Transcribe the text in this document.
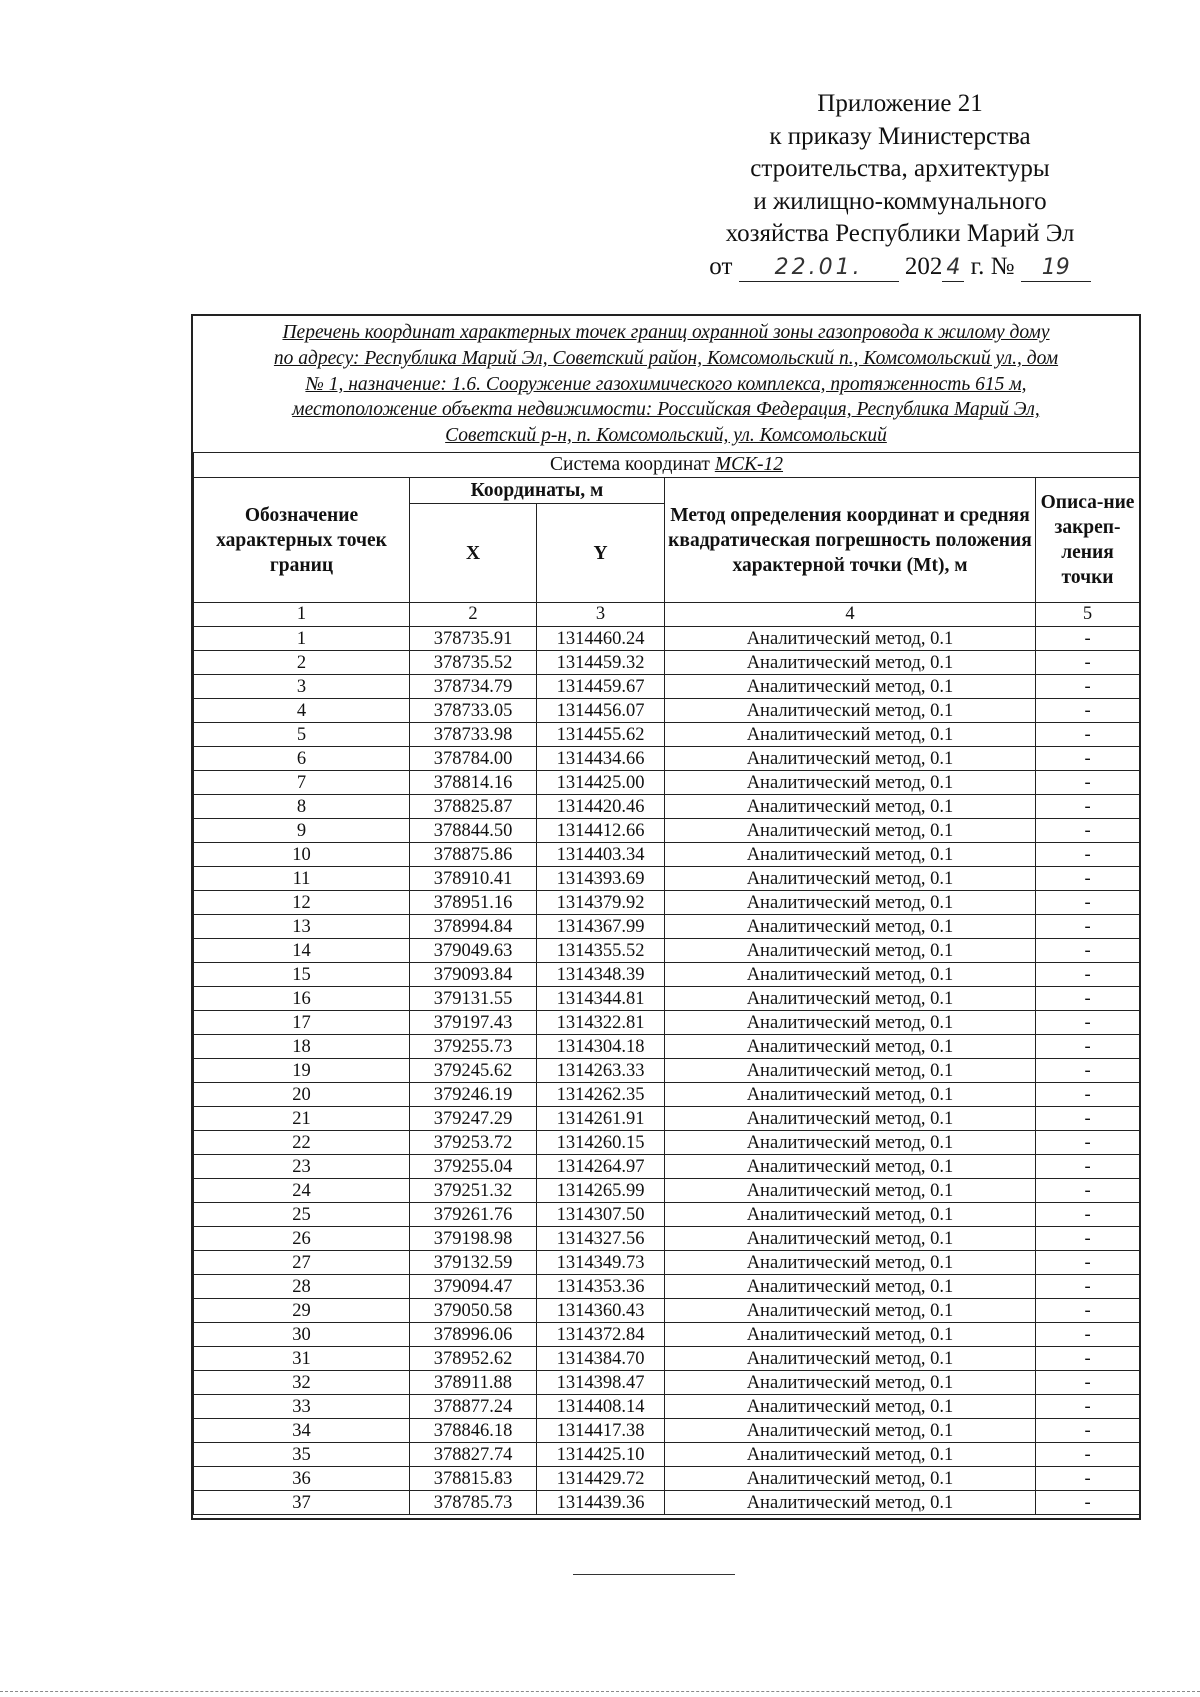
Приложение 21
к приказу Министерства
строительства, архитектуры
и жилищно-коммунального
хозяйства Республики Марий Эл
от 22.01. 202 4 г. № 19
Перечень координат характерных точек границ охранной зоны газопровода к жилому дому
по адресу: Республика Марий Эл, Советский район, Комсомольский п., Комсомольский ул., дом
№ 1, назначение: 1.6. Сооружение газохимического комплекса, протяженность 615 м,
местоположение объекта недвижимости: Российская Федерация, Республика Марий Эл,
Советский р-н, п. Комсомольский, ул. Комсомольский
Система координат МСК-12				
Обозначение характерных точек границ	Координаты, м		Метод определения координат и средняя квадратическая погрешность положения характерной точки (Mt), м	Описа-ние закреп-ления точки
	X	Y		
1	2	3	4	5
1	378735.91	1314460.24	Аналитический метод, 0.1	-
2	378735.52	1314459.32	Аналитический метод, 0.1	-
3	378734.79	1314459.67	Аналитический метод, 0.1	-
4	378733.05	1314456.07	Аналитический метод, 0.1	-
5	378733.98	1314455.62	Аналитический метод, 0.1	-
6	378784.00	1314434.66	Аналитический метод, 0.1	-
7	378814.16	1314425.00	Аналитический метод, 0.1	-
8	378825.87	1314420.46	Аналитический метод, 0.1	-
9	378844.50	1314412.66	Аналитический метод, 0.1	-
10	378875.86	1314403.34	Аналитический метод, 0.1	-
11	378910.41	1314393.69	Аналитический метод, 0.1	-
12	378951.16	1314379.92	Аналитический метод, 0.1	-
13	378994.84	1314367.99	Аналитический метод, 0.1	-
14	379049.63	1314355.52	Аналитический метод, 0.1	-
15	379093.84	1314348.39	Аналитический метод, 0.1	-
16	379131.55	1314344.81	Аналитический метод, 0.1	-
17	379197.43	1314322.81	Аналитический метод, 0.1	-
18	379255.73	1314304.18	Аналитический метод, 0.1	-
19	379245.62	1314263.33	Аналитический метод, 0.1	-
20	379246.19	1314262.35	Аналитический метод, 0.1	-
21	379247.29	1314261.91	Аналитический метод, 0.1	-
22	379253.72	1314260.15	Аналитический метод, 0.1	-
23	379255.04	1314264.97	Аналитический метод, 0.1	-
24	379251.32	1314265.99	Аналитический метод, 0.1	-
25	379261.76	1314307.50	Аналитический метод, 0.1	-
26	379198.98	1314327.56	Аналитический метод, 0.1	-
27	379132.59	1314349.73	Аналитический метод, 0.1	-
28	379094.47	1314353.36	Аналитический метод, 0.1	-
29	379050.58	1314360.43	Аналитический метод, 0.1	-
30	378996.06	1314372.84	Аналитический метод, 0.1	-
31	378952.62	1314384.70	Аналитический метод, 0.1	-
32	378911.88	1314398.47	Аналитический метод, 0.1	-
33	378877.24	1314408.14	Аналитический метод, 0.1	-
34	378846.18	1314417.38	Аналитический метод, 0.1	-
35	378827.74	1314425.10	Аналитический метод, 0.1	-
36	378815.83	1314429.72	Аналитический метод, 0.1	-
37	378785.73	1314439.36	Аналитический метод, 0.1	-
